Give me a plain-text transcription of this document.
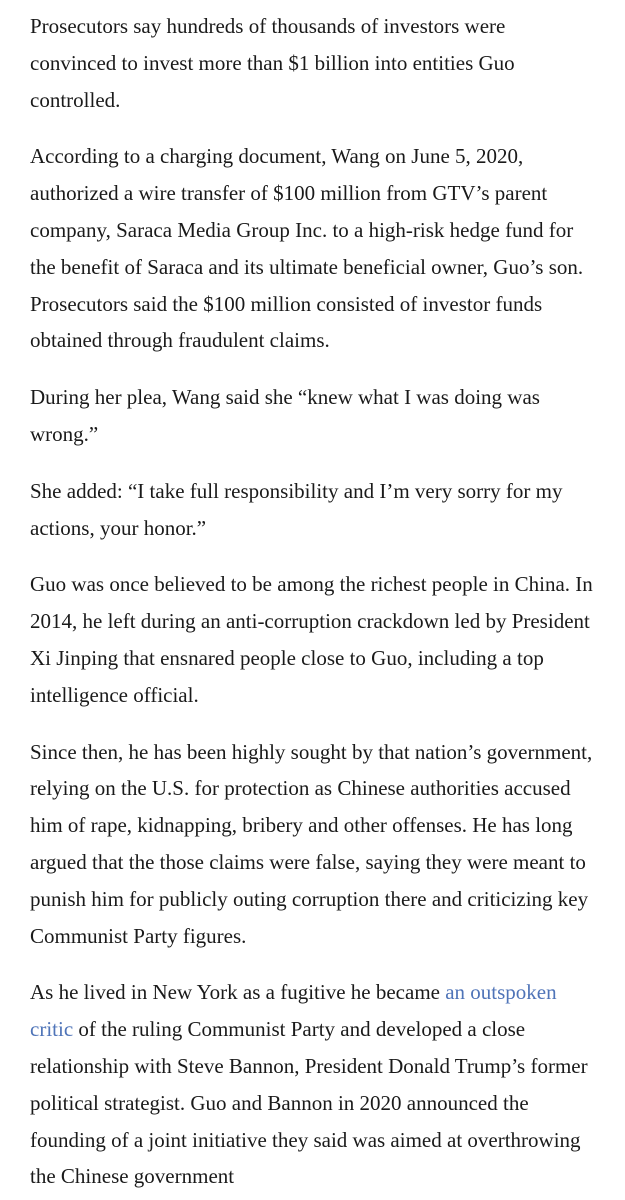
Prosecutors say hundreds of thousands of investors were convinced to invest more than $1 billion into entities Guo controlled.

According to a charging document, Wang on June 5, 2020, authorized a wire transfer of $100 million from GTV’s parent company, Saraca Media Group Inc. to a high-risk hedge fund for the benefit of Saraca and its ultimate beneficial owner, Guo’s son. Prosecutors said the $100 million consisted of investor funds obtained through fraudulent claims.

During her plea, Wang said she “knew what I was doing was wrong.”

She added: “I take full responsibility and I’m very sorry for my actions, your honor.”

Guo was once believed to be among the richest people in China. In 2014, he left during an anti-corruption crackdown led by President Xi Jinping that ensnared people close to Guo, including a top intelligence official.

Since then, he has been highly sought by that nation’s government, relying on the U.S. for protection as Chinese authorities accused him of rape, kidnapping, bribery and other offenses. He has long argued that the those claims were false, saying they were meant to punish him for publicly outing corruption there and criticizing key Communist Party figures.

As he lived in New York as a fugitive he became an outspoken critic of the ruling Communist Party and developed a close relationship with Steve Bannon, President Donald Trump’s former political strategist. Guo and Bannon in 2020 announced the founding of a joint initiative they said was aimed at overthrowing the Chinese government
